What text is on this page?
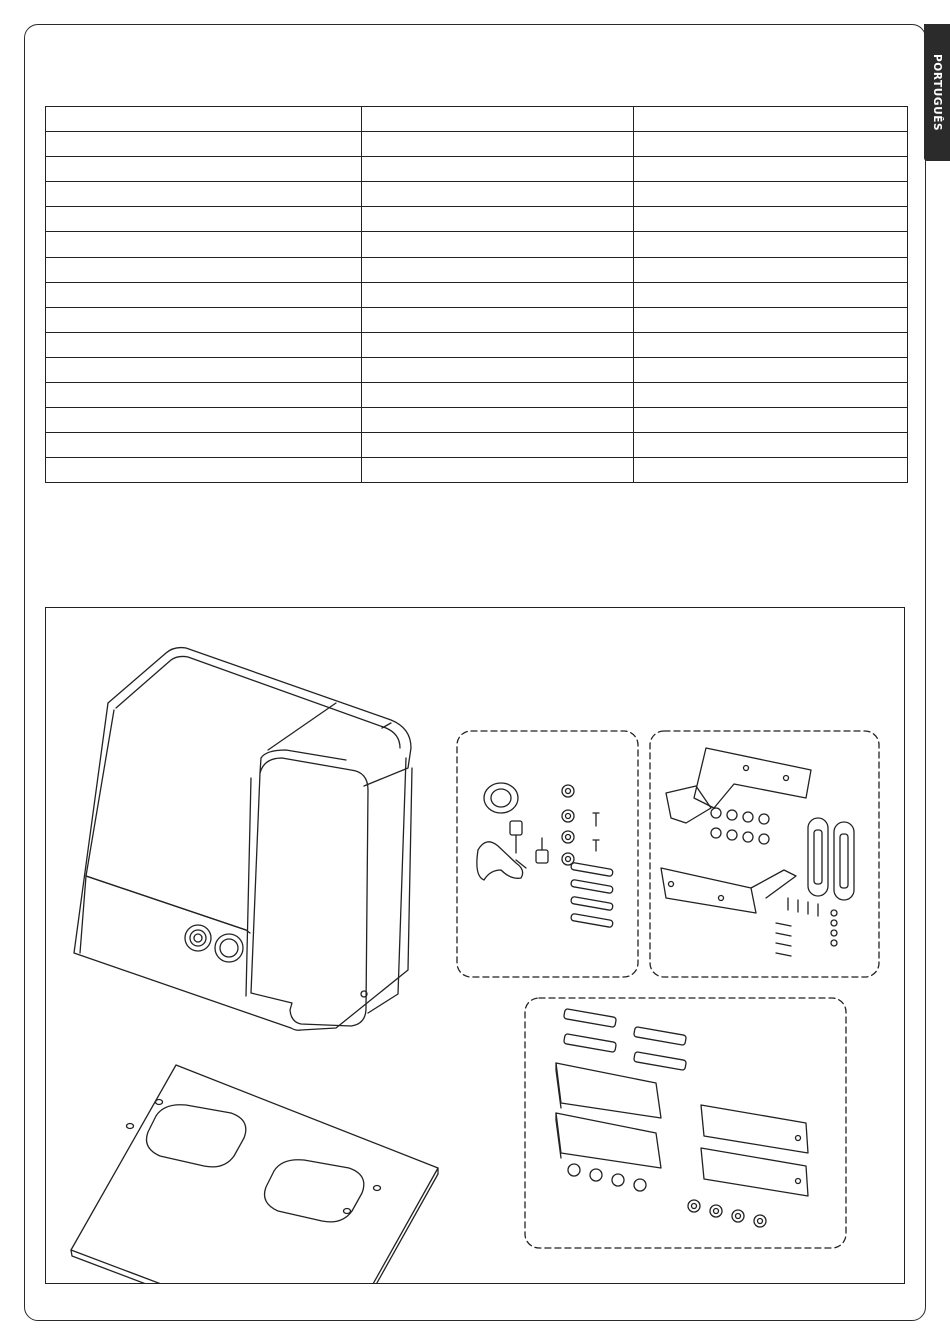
PORTUGUÊS
